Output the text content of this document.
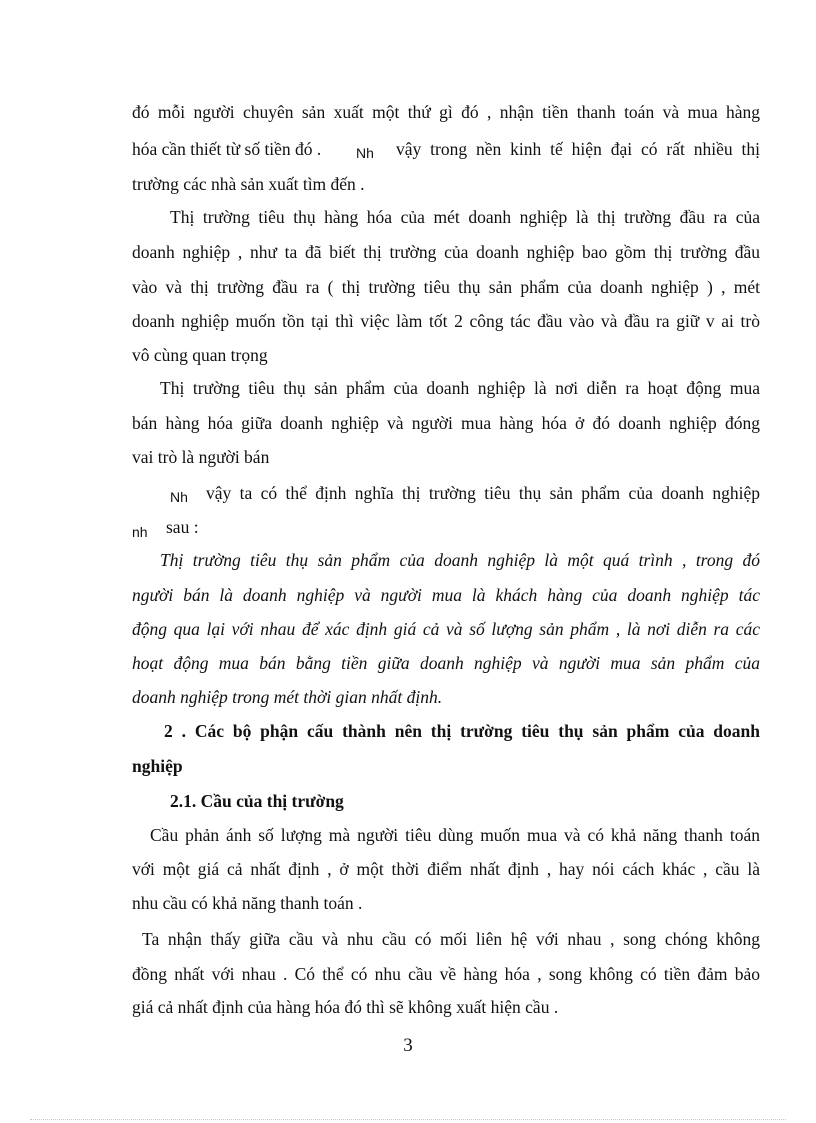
đó mỗi người chuyên sản xuất một thứ gì đó , nhận tiền thanh toán và mua hàng
hóa cần thiết từ số tiền đó .	Nh vậy trong nền kinh tế hiện đại có rất nhiều thị
trường các nhà sản xuất tìm đến .
Thị trường tiêu thụ hàng hóa của mét doanh nghiệp là thị trường đầu ra của
doanh nghiệp , như ta đã biết thị trường của doanh nghiệp bao gồm thị trường đầu
vào và thị trường đầu ra ( thị trường tiêu thụ sản phẩm của doanh nghiệp ) , mét
doanh nghiệp muốn tồn tại thì việc làm tốt 2 công tác đầu vào và đầu ra giữ v ai trò
vô cùng quan trọng
Thị trường tiêu thụ sản phẩm của doanh nghiệp là nơi diễn ra hoạt động mua
bán hàng hóa giữa doanh nghiệp và người mua hàng hóa ở đó doanh nghiệp đóng
vai trò là người bán
Nh vậy ta có thể định nghĩa thị trường tiêu thụ sản phẩm của doanh nghiệp
nh sau :
Thị trường tiêu thụ sản phẩm của doanh nghiệp là một quá trình , trong đó
người bán là doanh nghiệp và người mua là khách hàng của doanh nghiệp tác
động qua lại với nhau để xác định giá cả và số lượng sản phẩm , là nơi diễn ra các
hoạt động mua bán bằng tiền giữa doanh nghiệp và người mua sản phẩm của
doanh nghiệp trong mét thời gian nhất định.
2 . Các bộ phận cấu thành nên thị trường tiêu thụ sản phẩm của doanh
nghiệp
2.1. Cầu của thị trường
Cầu phản ánh số lượng mà người tiêu dùng muốn mua và có khả năng thanh toán
với một giá cả nhất định , ở một thời điểm nhất định , hay nói cách khác , cầu là
nhu cầu có khả năng thanh toán .
Ta nhận thấy giữa cầu và nhu cầu có mối liên hệ với nhau , song chóng không
đồng nhất với nhau . Có thể có nhu cầu về hàng hóa , song không có tiền đảm bảo
giá cả nhất định của hàng hóa đó thì sẽ không xuất hiện cầu .
3
